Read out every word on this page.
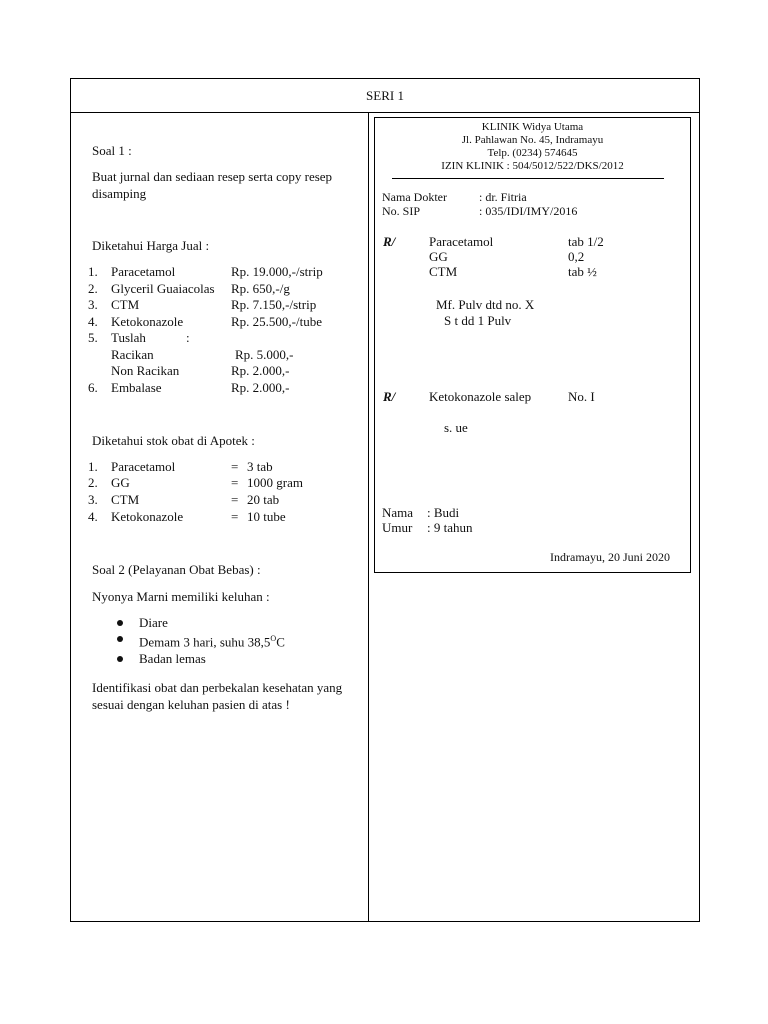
SERI 1
Soal 1 :
Buat jurnal dan sediaan resep serta copy resep
disamping
Diketahui Harga Jual :
1. Paracetamol	Rp. 19.000,-/strip
2. Glyceril Guaiacolas Rp. 650,-/g
3. CTM	Rp. 7.150,-/strip
4. Ketokonazole	Rp. 25.500,-/tube
5. Tuslah	:
Racikan	Rp. 5.000,-
Non Racikan	Rp. 2.000,-
6. Embalase	Rp. 2.000,-
Diketahui stok obat di Apotek :
1. Paracetamol	= 3 tab
2. GG	= 1000 gram
3. CTM	= 20 tab
4. Ketokonazole	= 10 tube
Soal 2 (Pelayanan Obat Bebas) :
Nyonya Marni memiliki keluhan :
Diare
Demam 3 hari, suhu $38,5^OC$
Badan lemas
Identifikasi obat dan perbekalan kesehatan yang
sesuai dengan keluhan pasien di atas !
KLINIK Widya Utama
Jl. Pahlawan No. 45, Indramayu
Telp. (0234) 574645
IZIN KLINIK : 504/5012/522/DKS/2012
Nama Dokter	: dr. Fitria
No. SIP	: 035/IDI/IMY/2016
R/	Paracetamol	tab 1/2
GG	0,2
CTM	tab ½
Mf. Pulv dtd no. X
S t dd 1 Pulv
R/	Ketokonazole salep	No. I
s. ue
Nama : Budi
Umur : 9 tahun
Indramayu, 20 Juni 2020
